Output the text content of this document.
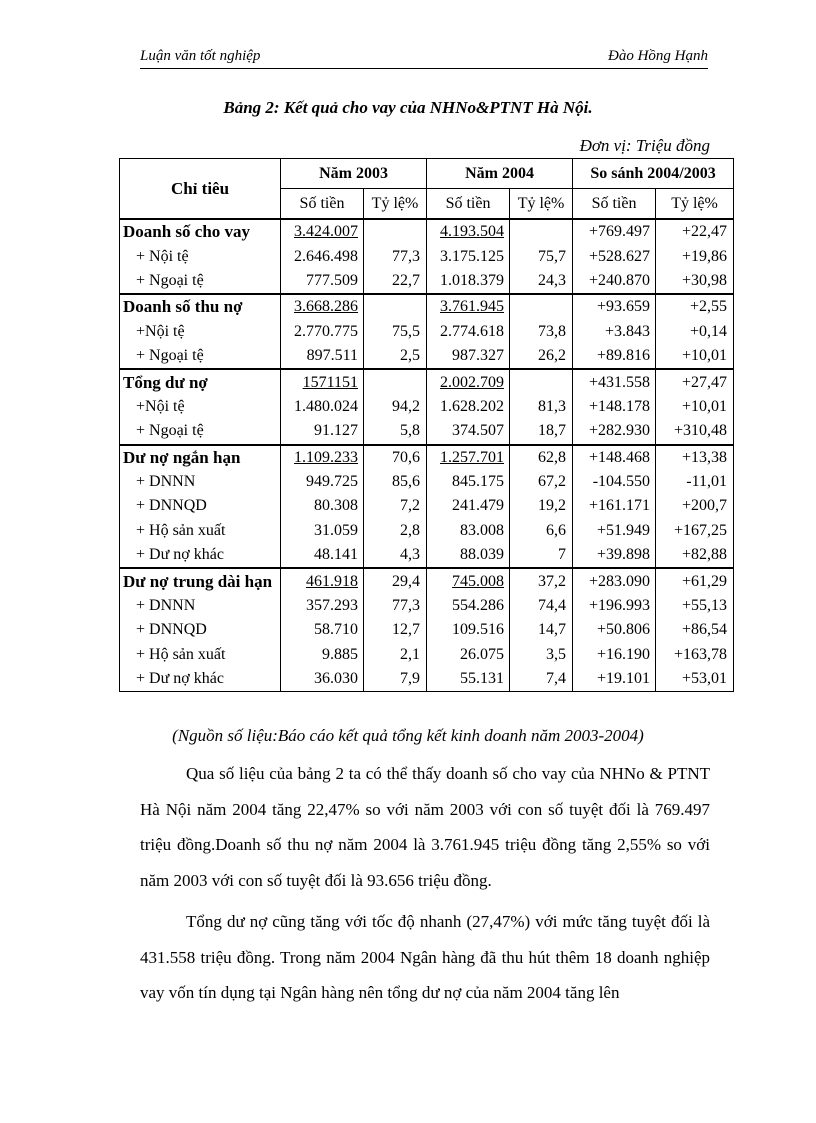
Luận văn tốt nghiệp	Đào Hồng Hạnh
Bảng 2: Kết quả cho vay của NHNo&PTNT Hà Nội.
Đơn vị: Triệu đồng
Chỉ tiêu	Năm 2003		Năm 2004		So sánh 2004/2003	
	Số tiền	Tỷ lệ%	Số tiền	Tỷ lệ%	Số tiền	Tỷ lệ%
Doanh số cho vay	3.424.007		4.193.504		+769.497	+22,47
+ Nội tệ	2.646.498	77,3	3.175.125	75,7	+528.627	+19,86
+ Ngoại tệ	777.509	22,7	1.018.379	24,3	+240.870	+30,98
Doanh số thu nợ	3.668.286		3.761.945		+93.659	+2,55
+Nội tệ	2.770.775	75,5	2.774.618	73,8	+3.843	+0,14
+ Ngoại tệ	897.511	2,5	987.327	26,2	+89.816	+10,01
Tổng dư nợ	1571151		2.002.709		+431.558	+27,47
+Nội tệ	1.480.024	94,2	1.628.202	81,3	+148.178	+10,01
+ Ngoại tệ	91.127	5,8	374.507	18,7	+282.930	+310,48
Dư nợ ngắn hạn	1.109.233	70,6	1.257.701	62,8	+148.468	+13,38
+ DNNN	949.725	85,6	845.175	67,2	-104.550	-11,01
+ DNNQD	80.308	7,2	241.479	19,2	+161.171	+200,7
+ Hộ sản xuất	31.059	2,8	83.008	6,6	+51.949	+167,25
+ Dư nợ khác	48.141	4,3	88.039	7	+39.898	+82,88
Dư nợ trung dài hạn	461.918	29,4	745.008	37,2	+283.090	+61,29
+ DNNN	357.293	77,3	554.286	74,4	+196.993	+55,13
+ DNNQD	58.710	12,7	109.516	14,7	+50.806	+86,54
+ Hộ sản xuất	9.885	2,1	26.075	3,5	+16.190	+163,78
+ Dư nợ khác	36.030	7,9	55.131	7,4	+19.101	+53,01
(Nguồn số liệu:Báo cáo kết quả tổng kết kinh doanh năm 2003-2004)

Qua số liệu của bảng 2 ta có thể thấy doanh số cho vay của NHNo & PTNT Hà Nội năm 2004 tăng 22,47% so với năm 2003 với con số tuyệt đối là 769.497 triệu đồng.Doanh số thu nợ năm 2004 là 3.761.945 triệu đồng tăng 2,55% so với năm 2003 với con số tuyệt đối là 93.656 triệu đồng.

Tổng dư nợ cũng tăng với tốc độ nhanh (27,47%) với mức tăng tuyệt đối là 431.558 triệu đồng. Trong năm 2004 Ngân hàng đã thu hút thêm 18 doanh nghiệp vay vốn tín dụng tại Ngân hàng nên tổng dư nợ của năm 2004 tăng lên
